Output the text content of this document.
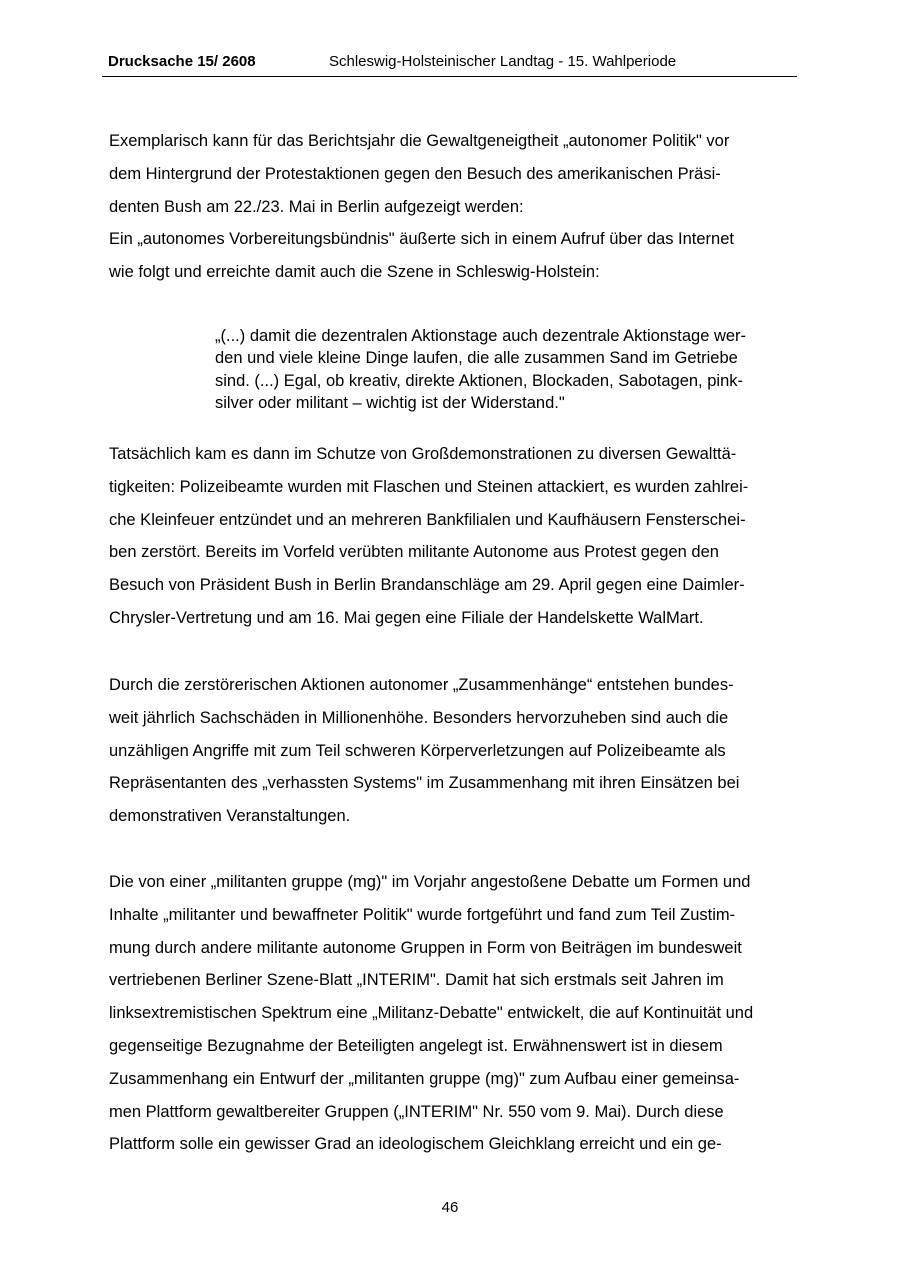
Drucksache 15/ 2608	Schleswig-Holsteinischer Landtag - 15. Wahlperiode
Exemplarisch kann für das Berichtsjahr die Gewaltgeneigtheit „autonomer Politik" vor
dem Hintergrund der Protestaktionen gegen den Besuch des amerikanischen Präsi-
denten Bush am 22./23. Mai in Berlin aufgezeigt werden:
Ein „autonomes Vorbereitungsbündnis" äußerte sich in einem Aufruf über das Internet
wie folgt und erreichte damit auch die Szene in Schleswig-Holstein:
„(...) damit die dezentralen Aktionstage auch dezentrale Aktionstage wer-
den und viele kleine Dinge laufen, die alle zusammen Sand im Getriebe
sind. (...) Egal, ob kreativ, direkte Aktionen, Blockaden, Sabotagen, pink-
silver oder militant – wichtig ist der Widerstand."
Tatsächlich kam es dann im Schutze von Großdemonstrationen zu diversen Gewalttä-
tigkeiten: Polizeibeamte wurden mit Flaschen und Steinen attackiert, es wurden zahlrei-
che Kleinfeuer entzündet und an mehreren Bankfilialen und Kaufhäusern Fensterschei-
ben zerstört. Bereits im Vorfeld verübten militante Autonome aus Protest gegen den
Besuch von Präsident Bush in Berlin Brandanschläge am 29. April gegen eine Daimler-
Chrysler-Vertretung und am 16. Mai gegen eine Filiale der Handelskette WalMart.
Durch die zerstörerischen Aktionen autonomer „Zusammenhänge“ entstehen bundes-
weit jährlich Sachschäden in Millionenhöhe. Besonders hervorzuheben sind auch die
unzähligen Angriffe mit zum Teil schweren Körperverletzungen auf Polizeibeamte als
Repräsentanten des „verhassten Systems" im Zusammenhang mit ihren Einsätzen bei
demonstrativen Veranstaltungen.
Die von einer „militanten gruppe (mg)" im Vorjahr angestoßene Debatte um Formen und
Inhalte „militanter und bewaffneter Politik" wurde fortgeführt und fand zum Teil Zustim-
mung durch andere militante autonome Gruppen in Form von Beiträgen im bundesweit
vertriebenen Berliner Szene-Blatt „INTERIM". Damit hat sich erstmals seit Jahren im
linksextremistischen Spektrum eine „Militanz-Debatte" entwickelt, die auf Kontinuität und
gegenseitige Bezugnahme der Beteiligten angelegt ist. Erwähnenswert ist in diesem
Zusammenhang ein Entwurf der „militanten gruppe (mg)" zum Aufbau einer gemeinsa-
men Plattform gewaltbereiter Gruppen („INTERIM" Nr. 550 vom 9. Mai). Durch diese
Plattform solle ein gewisser Grad an ideologischem Gleichklang erreicht und ein ge-
46
